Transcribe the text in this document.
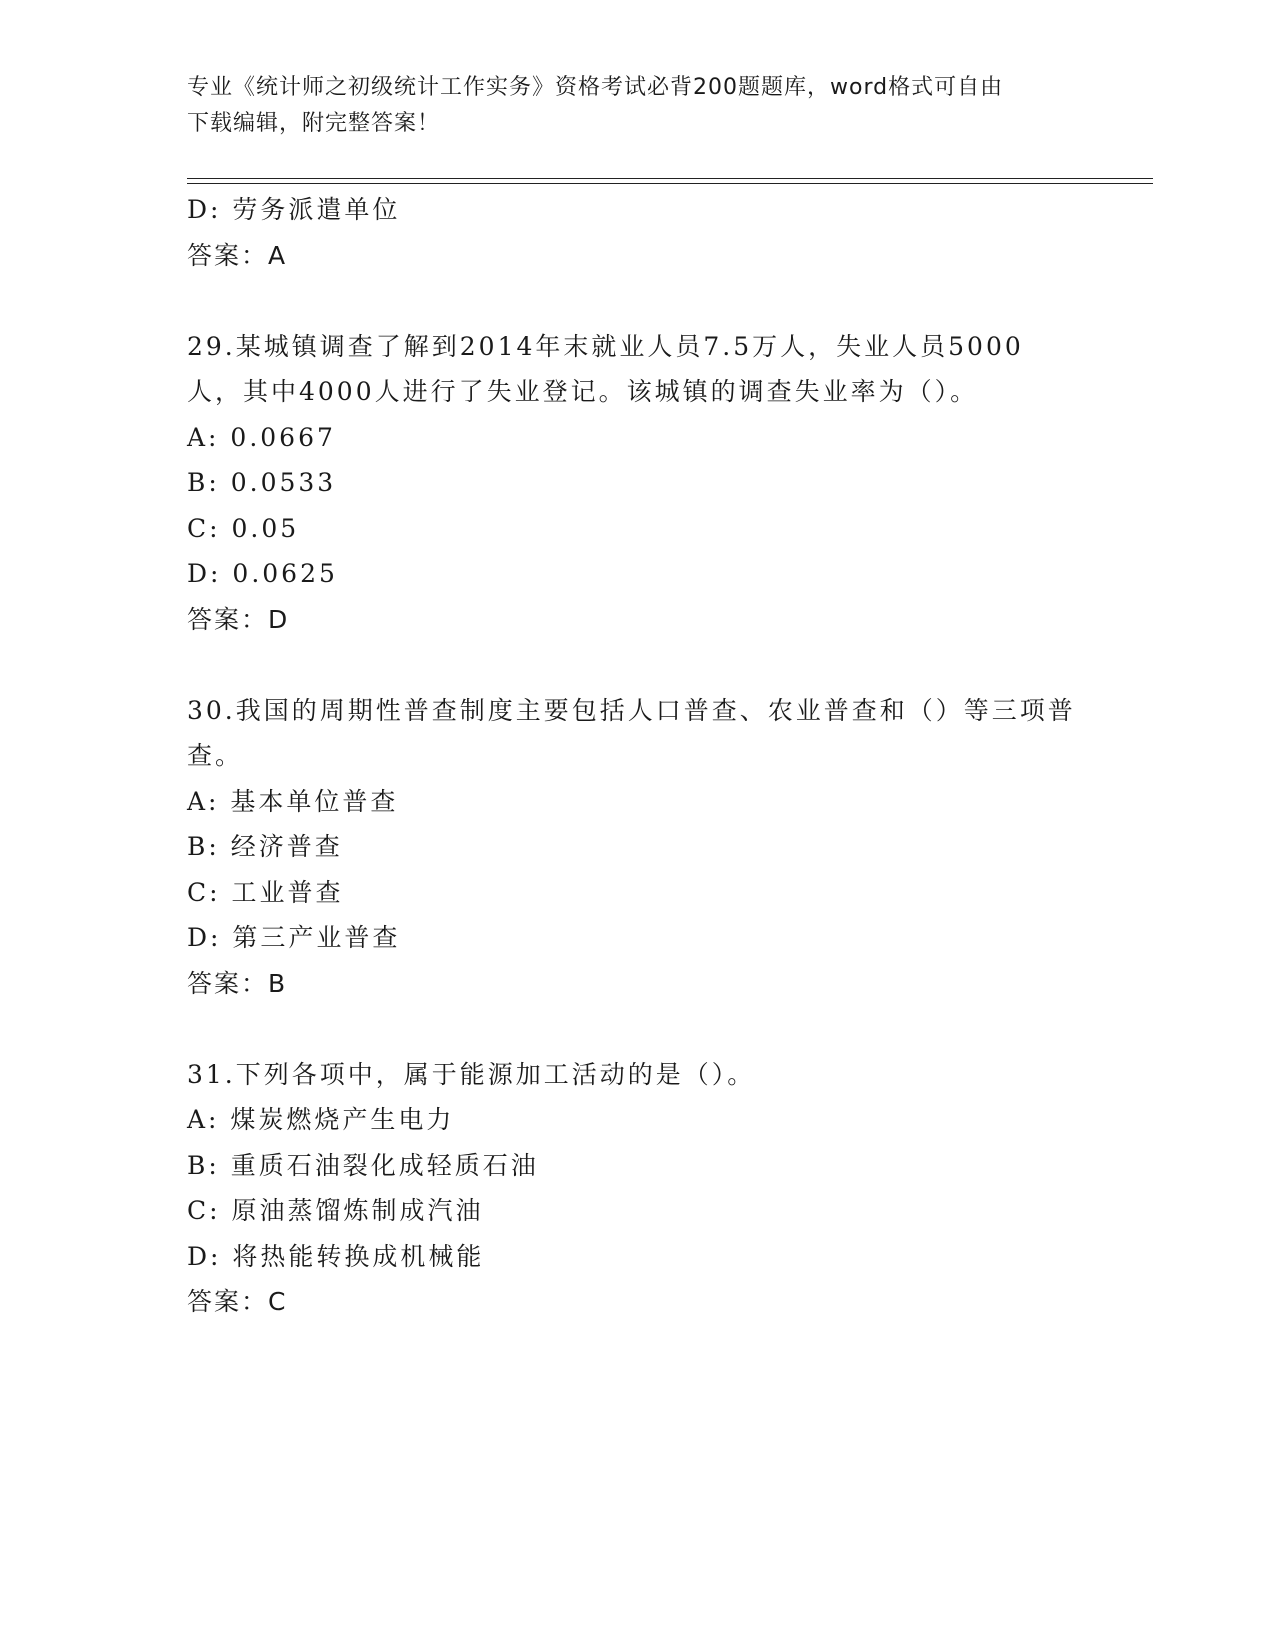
专业《统计师之初级统计工作实务》资格考试必背200题题库，word格式可自由
下载编辑，附完整答案！
D: 劳务派遣单位
答案：A
29.某城镇调查了解到2014年末就业人员7.5万人，失业人员5000人，其中4000人进行了失业登记。该城镇的调查失业率为（）。
A: 0.0667
B: 0.0533
C: 0.05
D: 0.0625
答案：D
30.我国的周期性普查制度主要包括人口普查、农业普查和（）等三项普查。
A: 基本单位普查
B: 经济普查
C: 工业普查
D: 第三产业普查
答案：B
31.下列各项中，属于能源加工活动的是（）。
A: 煤炭燃烧产生电力
B: 重质石油裂化成轻质石油
C: 原油蒸馏炼制成汽油
D: 将热能转换成机械能
答案：C
